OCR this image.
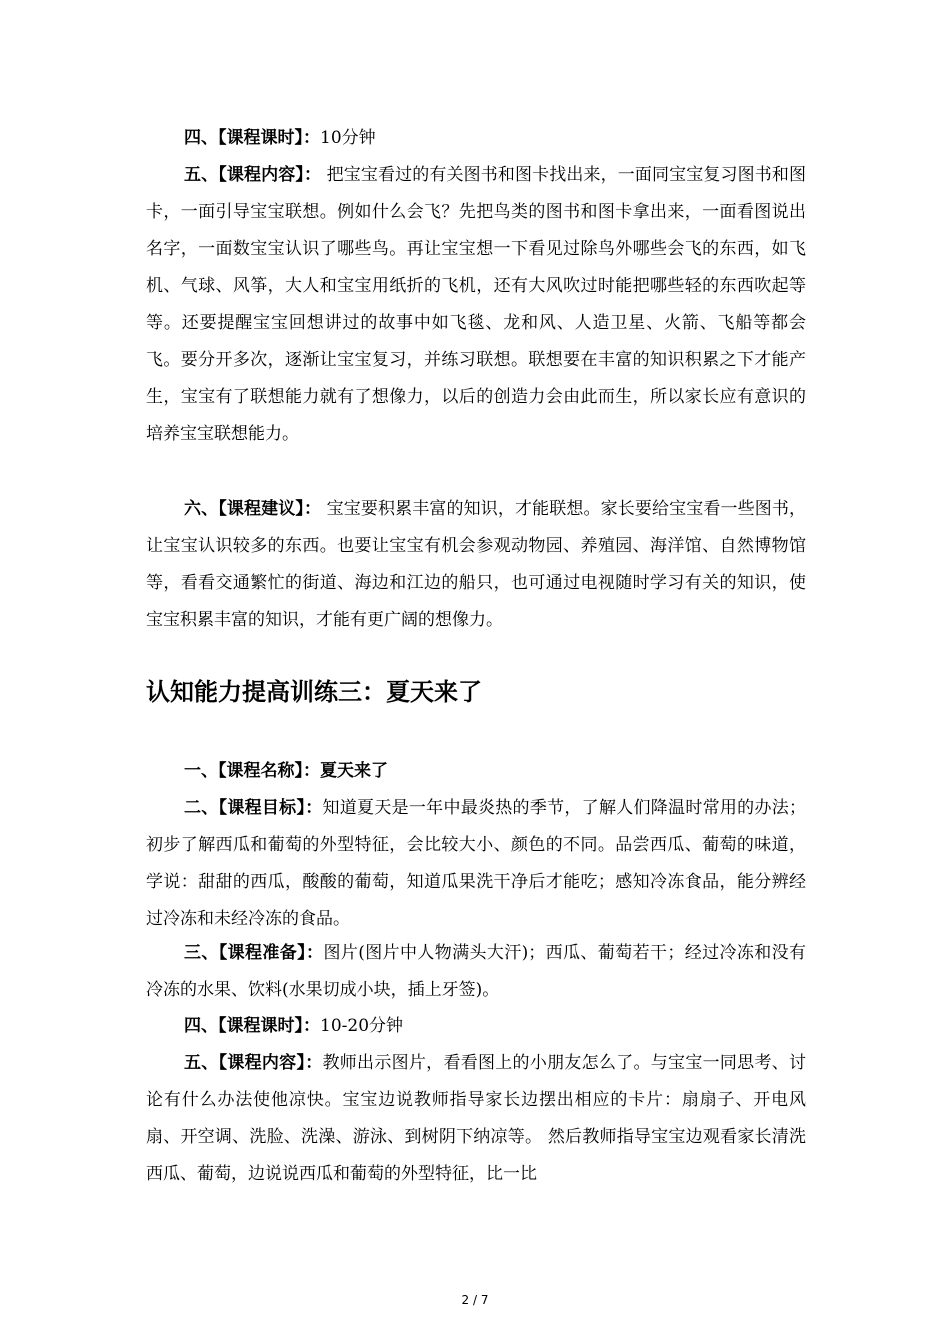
四、【课程课时】：10分钟

五、【课程内容】： 把宝宝看过的有关图书和图卡找出来，一面同宝宝复习图书和图卡，一面引导宝宝联想。例如什么会飞？先把鸟类的图书和图卡拿出来，一面看图说出名字，一面数宝宝认识了哪些鸟。再让宝宝想一下看见过除鸟外哪些会飞的东西，如飞机、气球、风筝，大人和宝宝用纸折的飞机，还有大风吹过时能把哪些轻的东西吹起等等。还要提醒宝宝回想讲过的故事中如飞毯、龙和风、人造卫星、火箭、飞船等都会飞。要分开多次，逐渐让宝宝复习，并练习联想。联想要在丰富的知识积累之下才能产生，宝宝有了联想能力就有了想像力，以后的创造力会由此而生，所以家长应有意识的培养宝宝联想能力。

六、【课程建议】： 宝宝要积累丰富的知识，才能联想。家长要给宝宝看一些图书，让宝宝认识较多的东西。也要让宝宝有机会参观动物园、养殖园、海洋馆、自然博物馆等，看看交通繁忙的街道、海边和江边的船只，也可通过电视随时学习有关的知识，使宝宝积累丰富的知识，才能有更广阔的想像力。

认知能力提高训练三：夏天来了

一、【课程名称】：夏天来了

二、【课程目标】：知道夏天是一年中最炎热的季节，了解人们降温时常用的办法；初步了解西瓜和葡萄的外型特征，会比较大小、颜色的不同。品尝西瓜、葡萄的味道，学说：甜甜的西瓜，酸酸的葡萄，知道瓜果洗干净后才能吃；感知冷冻食品，能分辨经过冷冻和未经冷冻的食品。

三、【课程准备】：图片(图片中人物满头大汗)；西瓜、葡萄若干；经过冷冻和没有冷冻的水果、饮料(水果切成小块，插上牙签)。

四、【课程课时】：10-20分钟

五、【课程内容】：教师出示图片，看看图上的小朋友怎么了。与宝宝一同思考、讨论有什么办法使他凉快。宝宝边说教师指导家长边摆出相应的卡片：扇扇子、开电风扇、开空调、洗脸、洗澡、游泳、到树阴下纳凉等。 然后教师指导宝宝边观看家长清洗西瓜、葡萄，边说说西瓜和葡萄的外型特征，比一比

2 / 7
